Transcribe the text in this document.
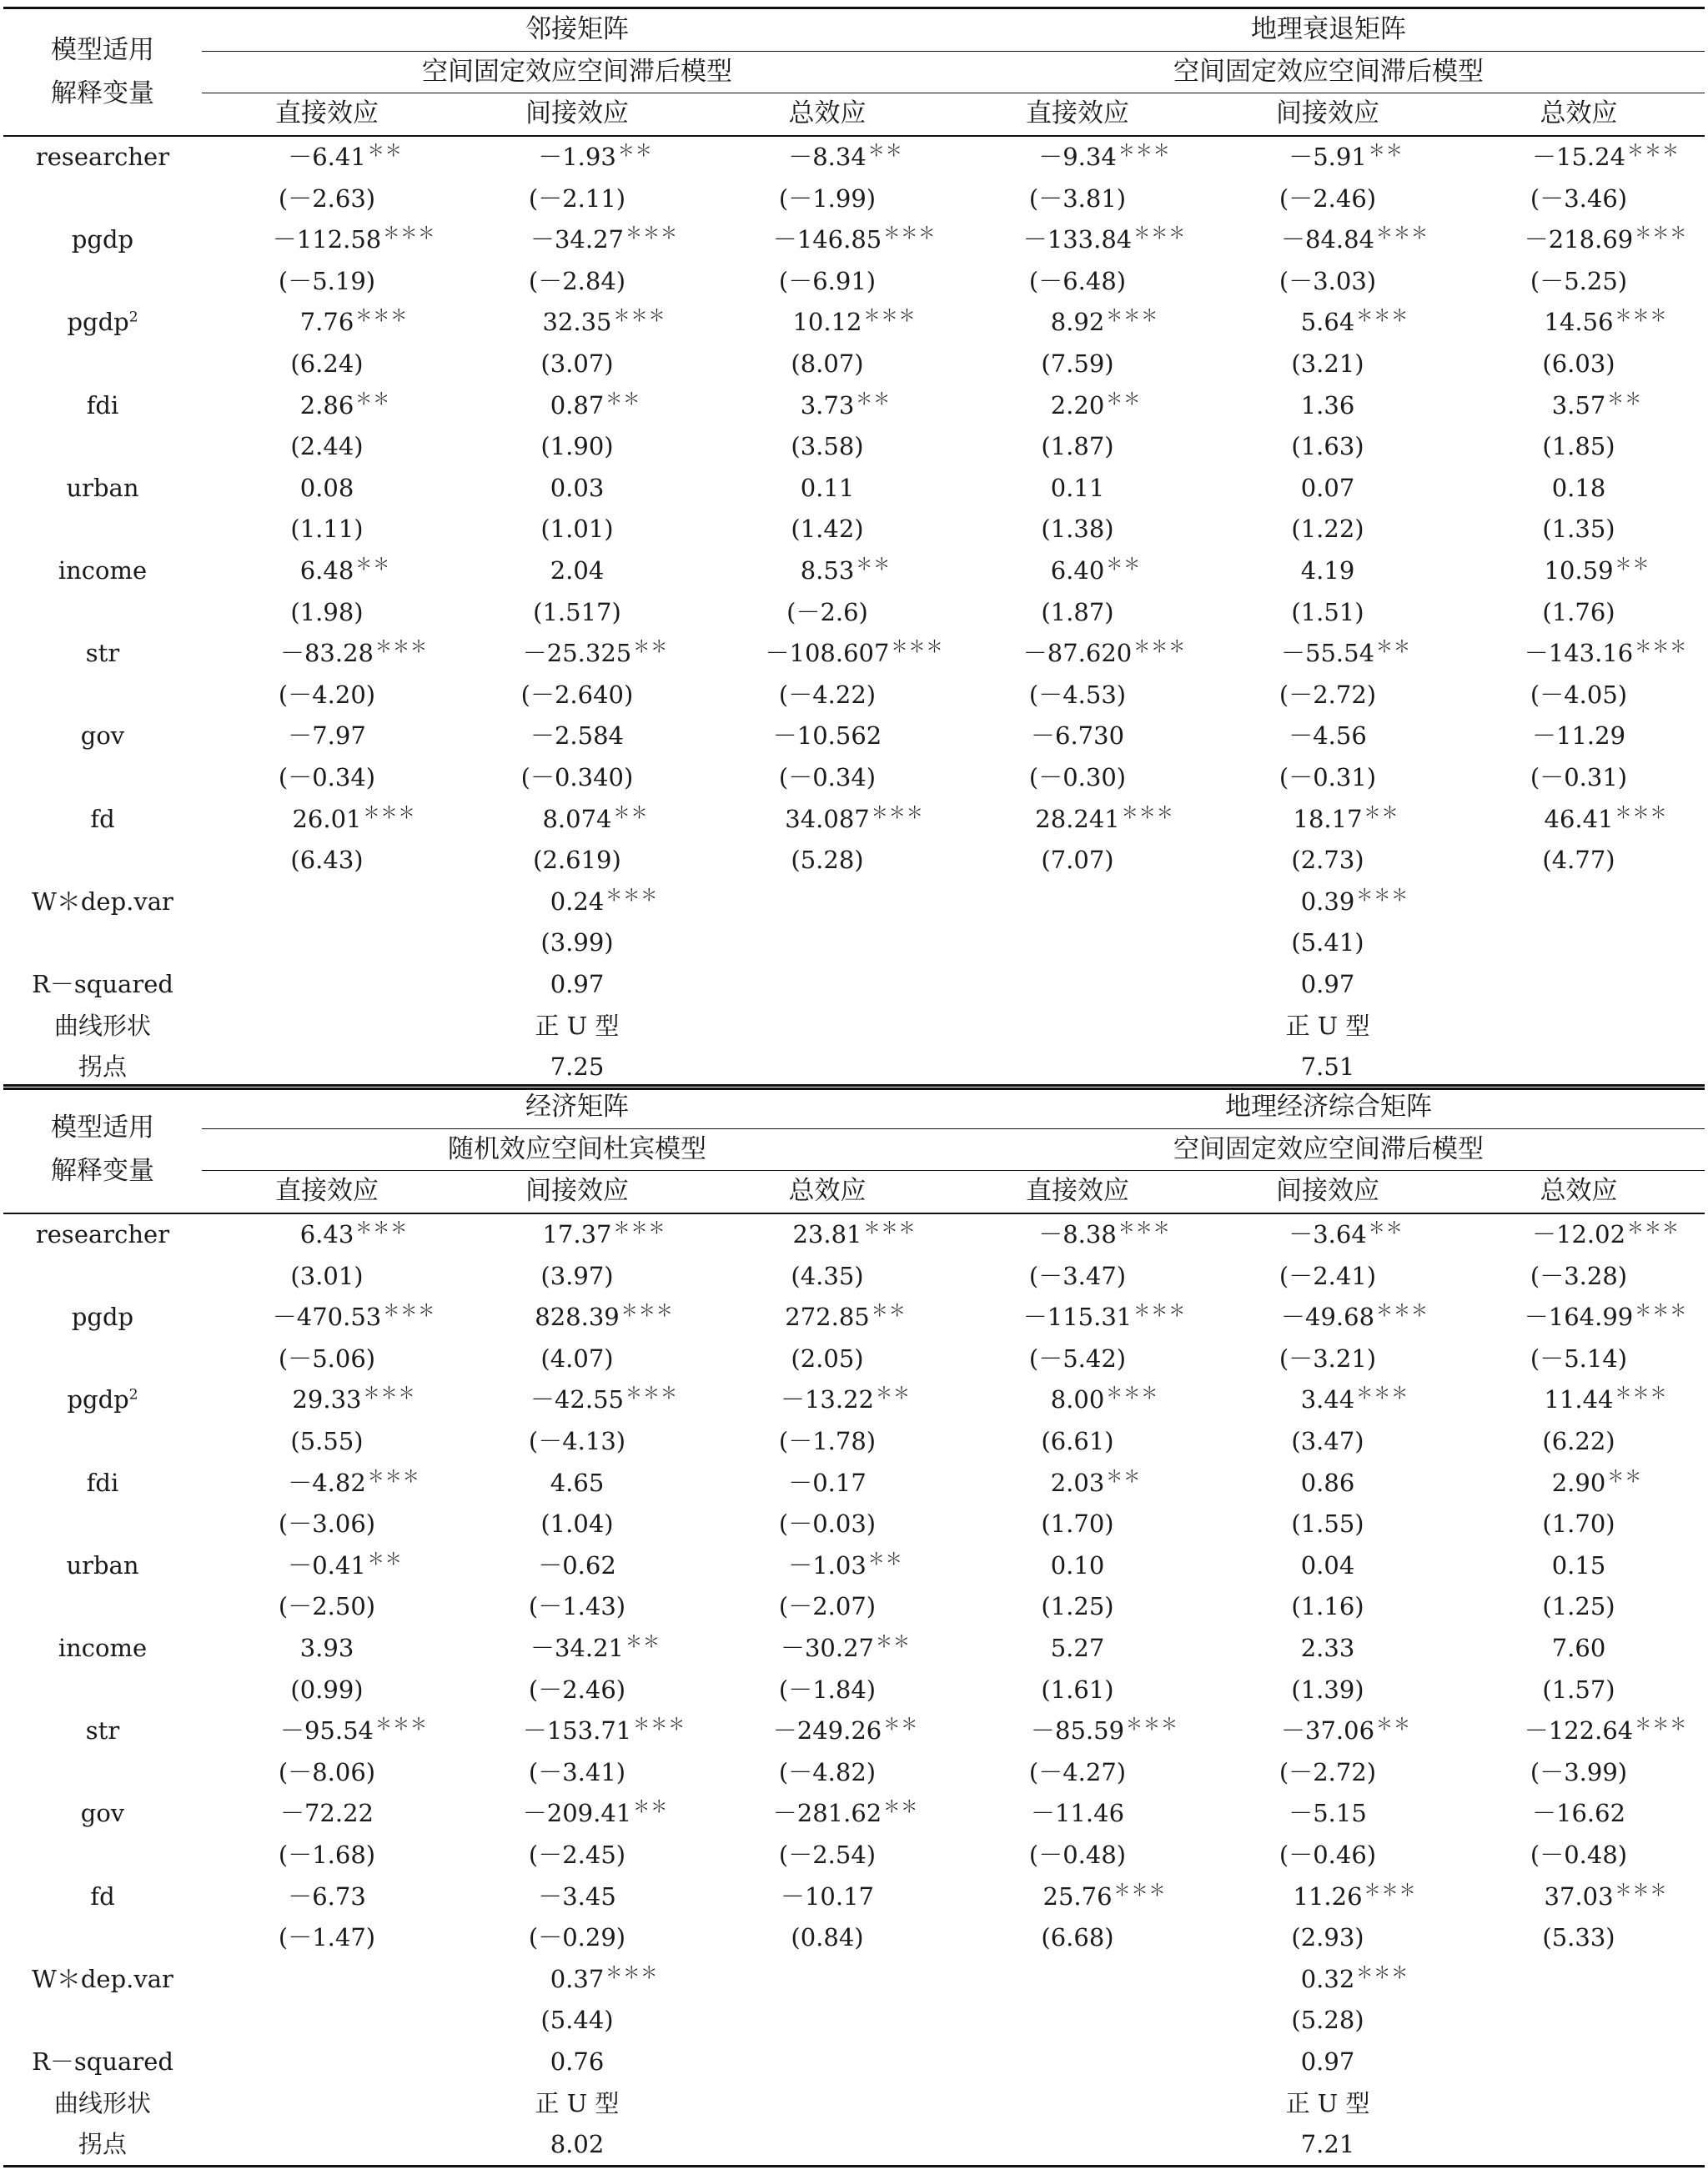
模型适用
解释变量	邻接矩阵			地理衰退矩阵		
	空间固定效应空间滞后模型			空间固定效应空间滞后模型		
	直接效应	间接效应	总效应	直接效应	间接效应	总效应
researcher	－6.41 ＊＊	－1.93 ＊＊	－8.34 ＊＊	－9.34 ＊＊＊	－5.91 ＊＊	－15.24 ＊＊＊

	(－2.63)	(－2.11)	(－1.99)	(－3.81)	(－2.46)	(－3.46)
pgdp	－112.58 ＊＊＊	－34.27 ＊＊＊	－146.85 ＊＊＊	－133.84 ＊＊＊	－84.84 ＊＊＊	－218.69 ＊＊＊

	(－5.19)	(－2.84)	(－6.91)	(－6.48)	(－3.03)	(－5.25)
pgdp$^2$	7.76 ＊＊＊	32.35 ＊＊＊	10.12 ＊＊＊	8.92 ＊＊＊	5.64 ＊＊＊	14.56 ＊＊＊

	(6.24)	(3.07)	(8.07)	(7.59)	(3.21)	(6.03)
fdi	2.86 ＊＊	0.87 ＊＊	3.73 ＊＊	2.20 ＊＊	1.36	3.57 ＊＊

	(2.44)	(1.90)	(3.58)	(1.87)	(1.63)	(1.85)
urban	0.08	0.03	0.11	0.11	0.07	0.18
	(1.11)	(1.01)	(1.42)	(1.38)	(1.22)	(1.35)
income	6.48 ＊＊	2.04	8.53 ＊＊	6.40 ＊＊	4.19	10.59 ＊＊

	(1.98)	(1.517)	(－2.6)	(1.87)	(1.51)	(1.76)
str	－83.28 ＊＊＊	－25.325 ＊＊	－108.607 ＊＊＊	－87.620 ＊＊＊	－55.54 ＊＊	－143.16 ＊＊＊

	(－4.20)	(－2.640)	(－4.22)	(－4.53)	(－2.72)	(－4.05)
gov	－7.97	－2.584	－10.562	－6.730	－4.56	－11.29
	(－0.34)	(－0.340)	(－0.34)	(－0.30)	(－0.31)	(－0.31)
fd	26.01 ＊＊＊	8.074 ＊＊	34.087 ＊＊＊	28.241 ＊＊＊	18.17 ＊＊	46.41 ＊＊＊

	(6.43)	(2.619)	(5.28)	(7.07)	(2.73)	(4.77)
W＊dep.var		0.24 ＊＊＊			0.39 ＊＊＊	

		(3.99)			(5.41)	
R－squared		0.97			0.97	
曲线形状		正 U 型			正 U 型	
拐点		7.25			7.51	
模型适用
解释变量	经济矩阵			地理经济综合矩阵		
	随机效应空间杜宾模型			空间固定效应空间滞后模型		
	直接效应	间接效应	总效应	直接效应	间接效应	总效应
researcher	6.43 ＊＊＊	17.37 ＊＊＊	23.81 ＊＊＊	－8.38 ＊＊＊	－3.64 ＊＊	－12.02 ＊＊＊

	(3.01)	(3.97)	(4.35)	(－3.47)	(－2.41)	(－3.28)
pgdp	－470.53 ＊＊＊	828.39 ＊＊＊	272.85 ＊＊	－115.31 ＊＊＊	－49.68 ＊＊＊	－164.99 ＊＊＊

	(－5.06)	(4.07)	(2.05)	(－5.42)	(－3.21)	(－5.14)
pgdp$^2$	29.33 ＊＊＊	－42.55 ＊＊＊	－13.22 ＊＊	8.00 ＊＊＊	3.44 ＊＊＊	11.44 ＊＊＊

	(5.55)	(－4.13)	(－1.78)	(6.61)	(3.47)	(6.22)
fdi	－4.82 ＊＊＊	4.65	－0.17	2.03 ＊＊	0.86	2.90 ＊＊

	(－3.06)	(1.04)	(－0.03)	(1.70)	(1.55)	(1.70)
urban	－0.41 ＊＊	－0.62	－1.03 ＊＊	0.10	0.04	0.15
	(－2.50)	(－1.43)	(－2.07)	(1.25)	(1.16)	(1.25)
income	3.93	－34.21 ＊＊	－30.27 ＊＊	5.27	2.33	7.60
	(0.99)	(－2.46)	(－1.84)	(1.61)	(1.39)	(1.57)
str	－95.54 ＊＊＊	－153.71 ＊＊＊	－249.26 ＊＊	－85.59 ＊＊＊	－37.06 ＊＊	－122.64 ＊＊＊

	(－8.06)	(－3.41)	(－4.82)	(－4.27)	(－2.72)	(－3.99)
gov	－72.22	－209.41 ＊＊	－281.62 ＊＊	－11.46	－5.15	－16.62
	(－1.68)	(－2.45)	(－2.54)	(－0.48)	(－0.46)	(－0.48)
fd	－6.73	－3.45	－10.17	25.76 ＊＊＊	11.26 ＊＊＊	37.03 ＊＊＊

	(－1.47)	(－0.29)	(0.84)	(6.68)	(2.93)	(5.33)
W＊dep.var		0.37 ＊＊＊			0.32 ＊＊＊	

		(5.44)			(5.28)	
R－squared		0.76			0.97	
曲线形状		正 U 型			正 U 型	
拐点		8.02			7.21	
